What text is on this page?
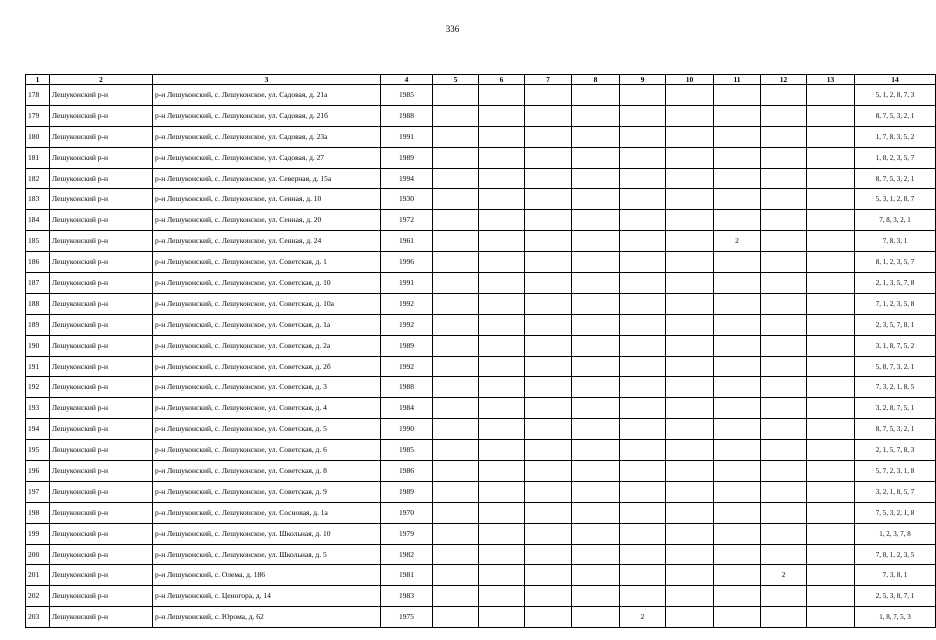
336
1	2	3	4	5	6	7	8	9	10	11	12	13	14
178	Лешуконский р-н	р-н Лешуконский, с. Лешуконское, ул. Садовая, д. 21а	1985										5, 1, 2, 8, 7, 3
179	Лешуконский р-н	р-н Лешуконский, с. Лешуконское, ул. Садовая, д. 21б	1988										8, 7, 5, 3, 2, 1
180	Лешуконский р-н	р-н Лешуконский, с. Лешуконское, ул. Садовая, д. 23а	1991										1, 7, 8, 3, 5, 2
181	Лешуконский р-н	р-н Лешуконский, с. Лешуконское, ул. Садовая, д. 27	1989										1, 8, 2, 3, 5, 7
182	Лешуконский р-н	р-н Лешуконский, с. Лешуконское, ул. Северная, д. 15а	1994										8, 7, 5, 3, 2, 1
183	Лешуконский р-н	р-н Лешуконский, с. Лешуконское, ул. Сенная, д. 10	1930										5, 3, 1, 2, 8, 7
184	Лешуконский р-н	р-н Лешуконский, с. Лешуконское, ул. Сенная, д. 20	1972										7, 8, 3, 2, 1
185	Лешуконский р-н	р-н Лешуконский, с. Лешуконское, ул. Сенная, д. 24	1961							2			7, 8, 3, 1
186	Лешуконский р-н	р-н Лешуконский, с. Лешуконское, ул. Советская, д. 1	1996										8, 1, 2, 3, 5, 7
187	Лешуконский р-н	р-н Лешуконский, с. Лешуконское, ул. Советская, д. 10	1991										2, 1, 3, 5, 7, 8
188	Лешуконский р-н	р-н Лешуконский, с. Лешуконское, ул. Советская, д. 10а	1992										7, 1, 2, 3, 5, 8
189	Лешуконский р-н	р-н Лешуконский, с. Лешуконское, ул. Советская, д. 1а	1992										2, 3, 5, 7, 8, 1
190	Лешуконский р-н	р-н Лешуконский, с. Лешуконское, ул. Советская, д. 2а	1989										3, 1, 8, 7, 5, 2
191	Лешуконский р-н	р-н Лешуконский, с. Лешуконское, ул. Советская, д. 2б	1992										5, 8, 7, 3, 2, 1
192	Лешуконский р-н	р-н Лешуконский, с. Лешуконское, ул. Советская, д. 3	1988										7, 3, 2, 1, 8, 5
193	Лешуконский р-н	р-н Лешуконский, с. Лешуконское, ул. Советская, д. 4	1984										3, 2, 8, 7, 5, 1
194	Лешуконский р-н	р-н Лешуконский, с. Лешуконское, ул. Советская, д. 5	1990										8, 7, 5, 3, 2, 1
195	Лешуконский р-н	р-н Лешуконский, с. Лешуконское, ул. Советская, д. 6	1985										2, 1, 5, 7, 8, 3
196	Лешуконский р-н	р-н Лешуконский, с. Лешуконское, ул. Советская, д. 8	1986										5, 7, 2, 3, 1, 8
197	Лешуконский р-н	р-н Лешуконский, с. Лешуконское, ул. Советская, д. 9	1989										3, 2, 1, 8, 5, 7
198	Лешуконский р-н	р-н Лешуконский, с. Лешуконское, ул. Сосновая, д. 1а	1970										7, 5, 3, 2, 1, 8
199	Лешуконский р-н	р-н Лешуконский, с. Лешуконское, ул. Школьная, д. 10	1979										1, 2, 3, 7, 8
200	Лешуконский р-н	р-н Лешуконский, с. Лешуконское, ул. Школьная, д. 5	1982										7, 8, 1, 2, 3, 5
201	Лешуконский р-н	р-н Лешуконский, с. Олема, д. 186	1981								2		7, 3, 8, 1
202	Лешуконский р-н	р-н Лешуконский, с. Ценогора, д. 14	1983										2, 5, 3, 8, 7, 1
203	Лешуконский р-н	р-н Лешуконский, с. Юрома, д. 62	1975					2					1, 8, 7, 5, 3
